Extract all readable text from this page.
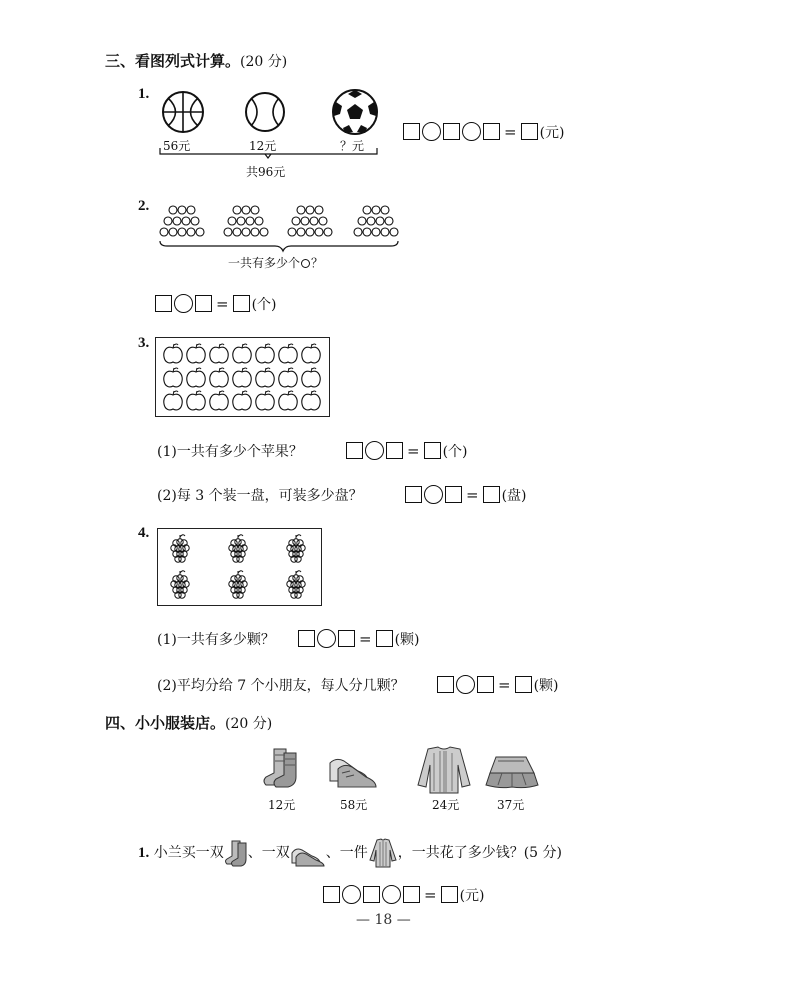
三、看图列式计算。(20 分)
1.
56元	12元	？元
共96元
= (元)
2.
一共有多少个 ？
= (个)
3.
(1)一共有多少个苹果？	= (个)
(2)每 3 个装一盘，可装多少盘？	= (盘)
4.
(1)一共有多少颗？	= (颗)
(2)平均分给 7 个小朋友，每人分几颗？	= (颗)
四、小小服装店。(20 分)
12元	58元	24元	37元
1. 小兰买一双 、一双	、一件 ，一共花了多少钱？(5 分)
= (元)
— 18 —
